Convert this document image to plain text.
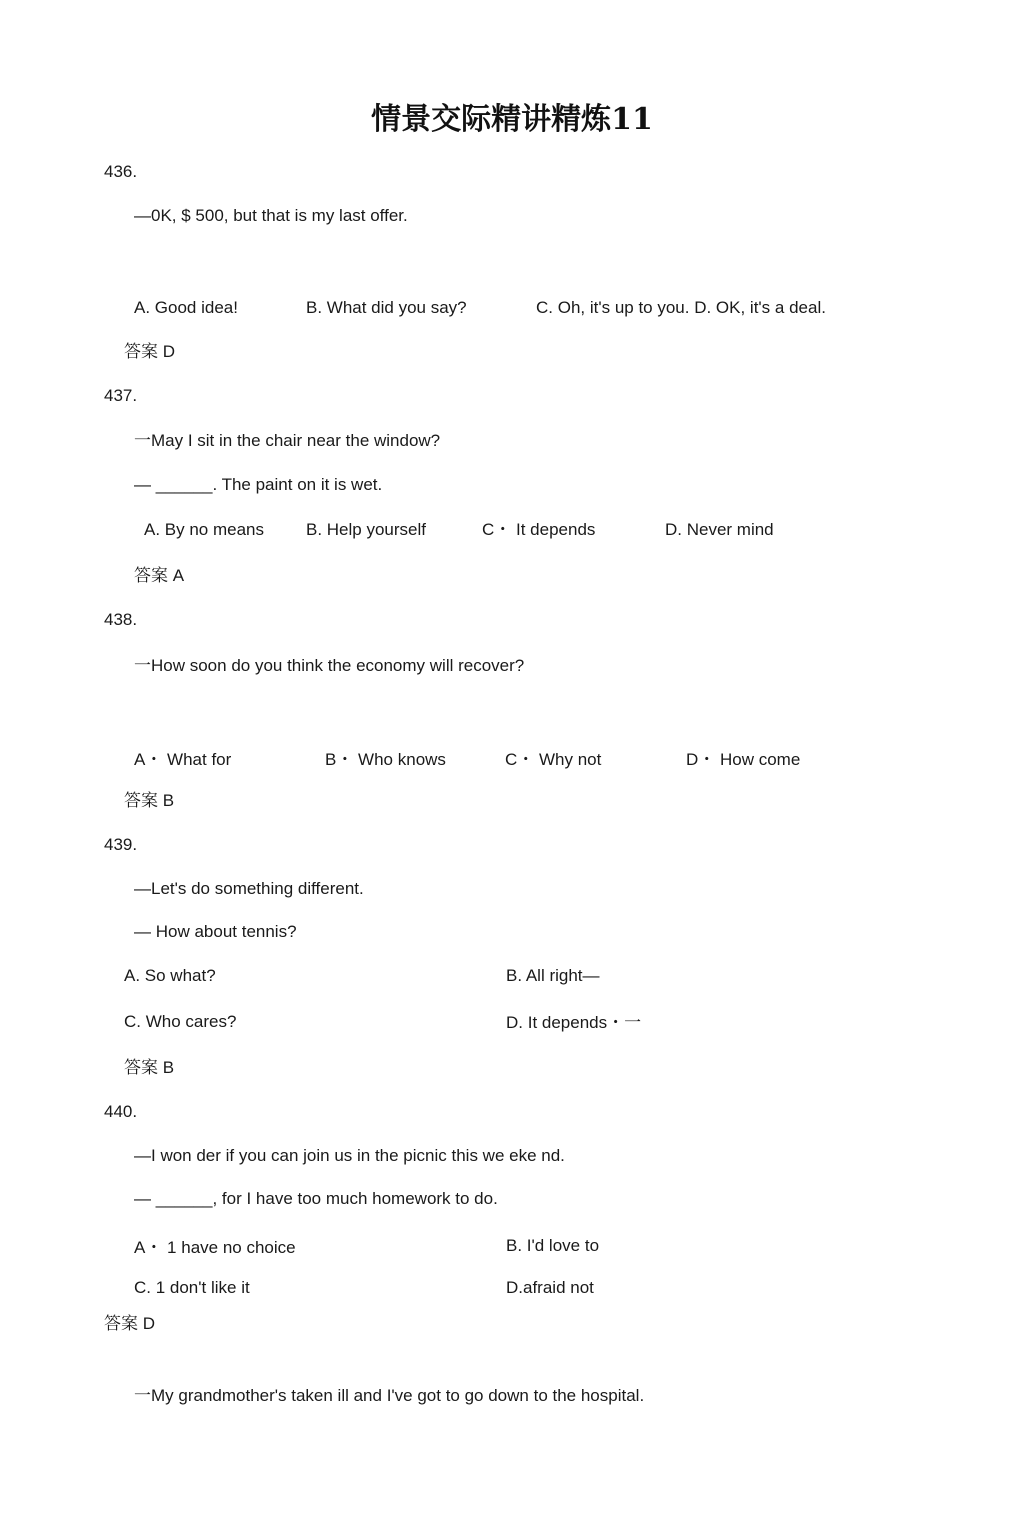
情景交际精讲精炼11
436.
—0K, $ 500, but that is my last offer.
A. Good idea!	B. What did you say?	C. Oh, it's up to you. D. OK, it's a deal.
答案 D
437.
一May I sit in the chair near the window?
— ______. The paint on it is wet.
A. By no means B. Help yourself	C・ It depends	D. Never mind
答案 A
438.
一How soon do you think the economy will recover?
A・ What for	B・ Who knows	C・ Why not	D・ How come
答案 B
439.
—Let's do something different.
— How about tennis?
A. So what?	B. All right—
C. Who cares?	D. It depends・一
答案 B
440.
—I won der if you can join us in the picnic this we eke nd.
— ______, for I have too much homework to do.
A・ 1 have no choice	B. I'd love to
C. 1 don't like it	D.afraid not
答案 D
一My grandmother's taken ill and I've got to go down to the hospital.
